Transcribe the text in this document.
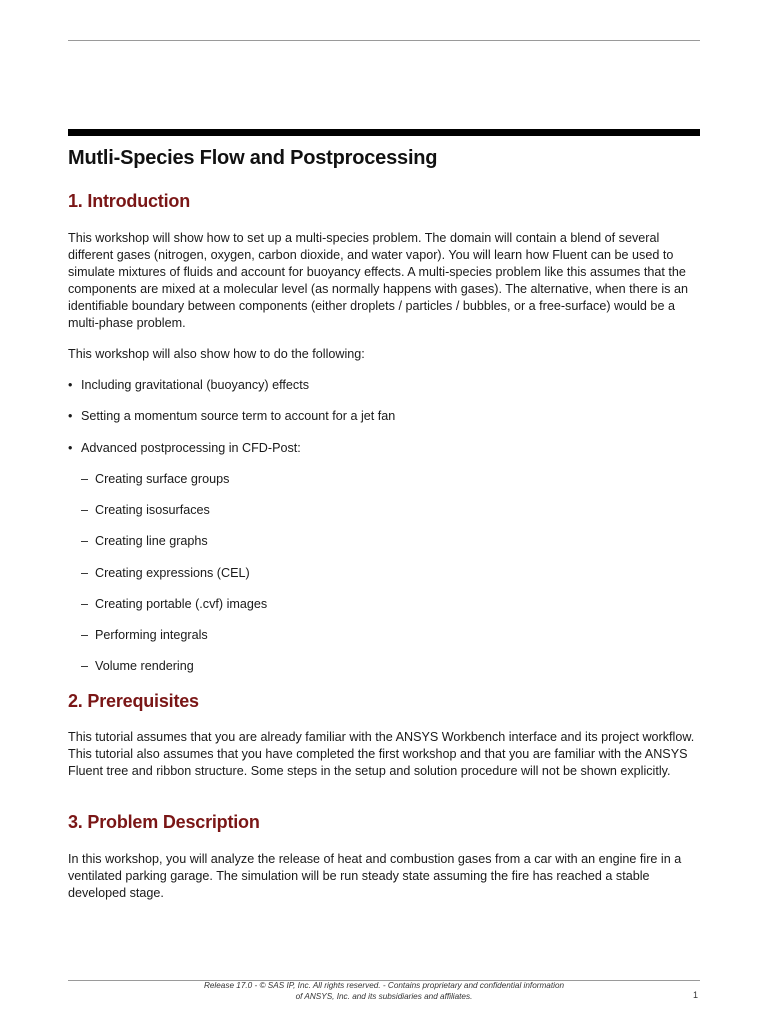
Mutli-Species Flow and Postprocessing
1. Introduction

This workshop will show how to set up a multi-species problem. The domain will contain a blend of several different gases (nitrogen, oxygen, carbon dioxide, and water vapor). You will learn how Fluent can be used to simulate mixtures of fluids and account for buoyancy effects. A multi-species problem like this assumes that the components are mixed at a molecular level (as normally happens with gases). The alternative, when there is an identifiable boundary between components (either droplets / particles / bubbles, or a free-surface) would be a multi-phase problem.

This workshop will also show how to do the following:

• Including gravitational (buoyancy) effects
• Setting a momentum source term to account for a jet fan
• Advanced postprocessing in CFD-Post:
– Creating surface groups
– Creating isosurfaces
– Creating line graphs
– Creating expressions (CEL)
– Creating portable (.cvf) images
– Performing integrals
– Volume rendering
2. Prerequisites

This tutorial assumes that you are already familiar with the ANSYS Workbench interface and its project workflow. This tutorial also assumes that you have completed the first workshop and that you are familiar with the ANSYS Fluent tree and ribbon structure. Some steps in the setup and solution procedure will not be shown explicitly.

3. Problem Description

In this workshop, you will analyze the release of heat and combustion gases from a car with an engine fire in a ventilated parking garage. The simulation will be run steady state assuming the fire has reached a stable developed stage.

Release 17.0 - © SAS IP, Inc. All rights reserved. - Contains proprietary and confidential information
of ANSYS, Inc. and its subsidiaries and affiliates.	1
